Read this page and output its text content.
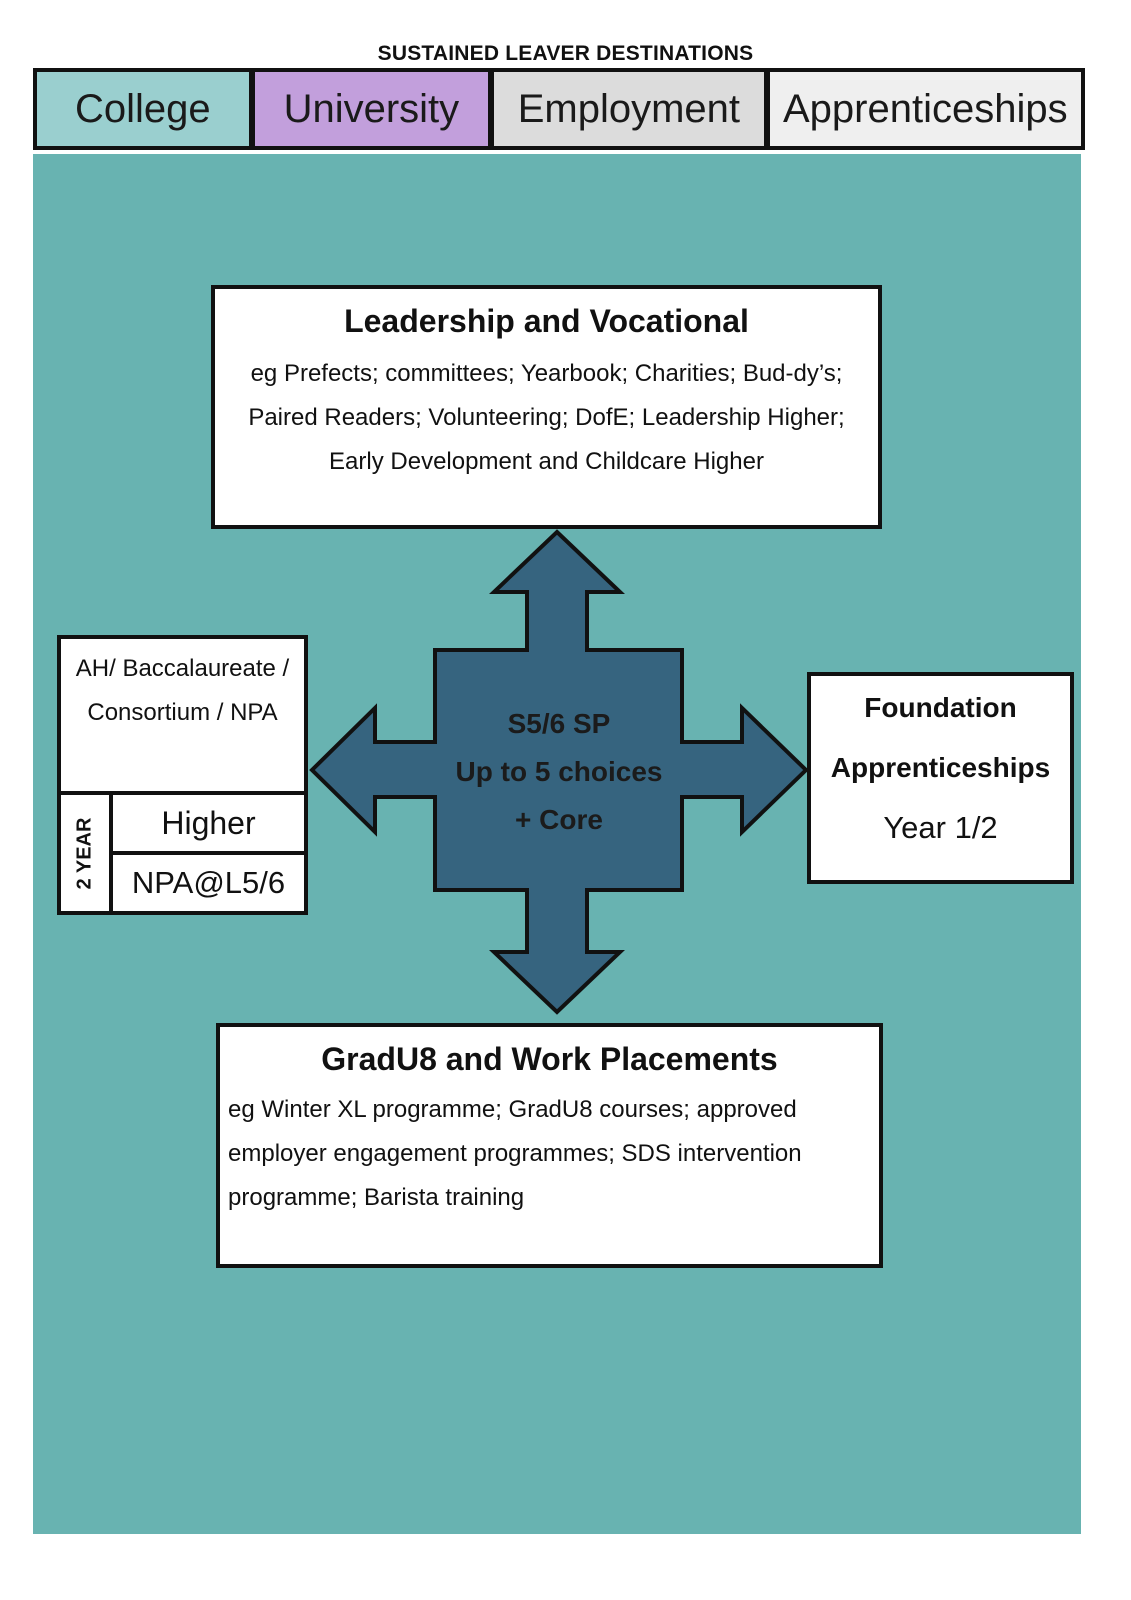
SUSTAINED LEAVER DESTINATIONS
College	University	Employment	Apprenticeships
S5/6 SP
Up to 5 choices
+ Core
Leadership and Vocational
eg Prefects; committees; Yearbook; Charities; Bud-dy’s; Paired Readers; Volunteering; DofE; Leadership Higher; Early Development and Childcare Higher
AH/ Baccalaureate / Consortium / NPA
2 YEAR	Higher
NPA@L5/6
Foundation
Apprenticeships
Year 1/2
GradU8 and Work Placements
eg Winter XL programme; GradU8 courses; approved employer engagement programmes; SDS intervention programme; Barista training
